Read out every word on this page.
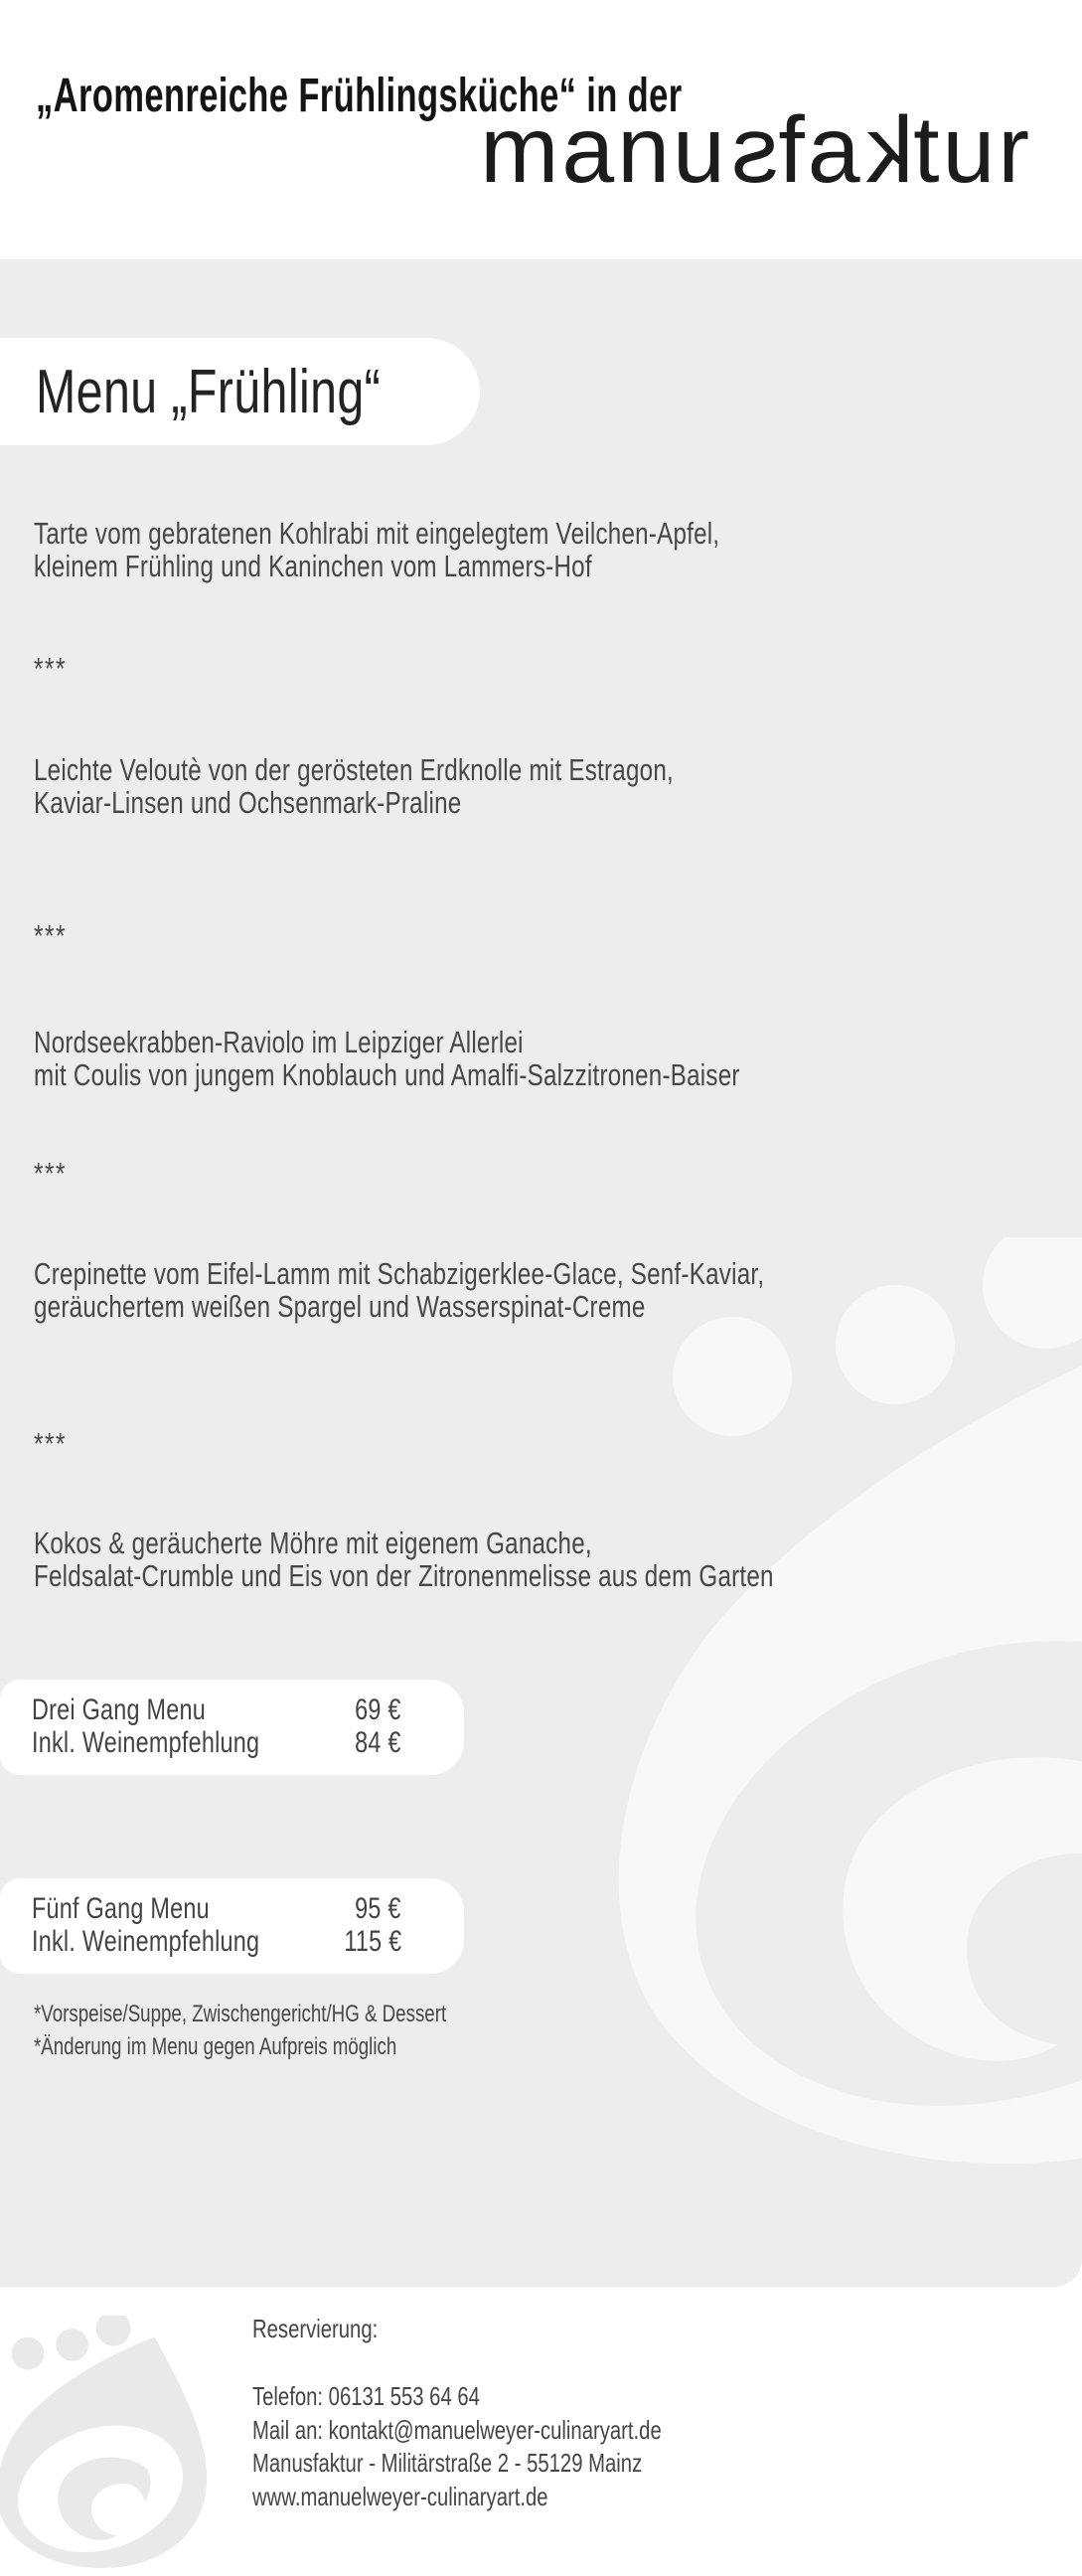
„Aromenreiche Frühlingsküche“ in der
manusfaktur
Menu „Frühling“
Tarte vom gebratenen Kohlrabi mit eingelegtem Veilchen-Apfel,
kleinem Frühling und Kaninchen vom Lammers-Hof
***
Leichte Veloutè von der gerösteten Erdknolle mit Estragon,
Kaviar-Linsen und Ochsenmark-Praline
***
Nordseekrabben-Raviolo im Leipziger Allerlei
mit Coulis von jungem Knoblauch und Amalfi-Salzzitronen-Baiser
***
Crepinette vom Eifel-Lamm mit Schabzigerklee-Glace, Senf-Kaviar,
geräuchertem weißen Spargel und Wasserspinat-Creme
***
Kokos & geräucherte Möhre mit eigenem Ganache,
Feldsalat-Crumble und Eis von der Zitronenmelisse aus dem Garten
Drei Gang Menu	69 €
Inkl. Weinempfehlung	84 €
Fünf Gang Menu	95 €
Inkl. Weinempfehlung	115 €
*Vorspeise/Suppe, Zwischengericht/HG & Dessert
*Änderung im Menu gegen Aufpreis möglich
Reservierung:
Telefon: 06131 553 64 64
Mail an: kontakt@manuelweyer-culinaryart.de
Manusfaktur - Militärstraße 2 - 55129 Mainz
www.manuelweyer-culinaryart.de
